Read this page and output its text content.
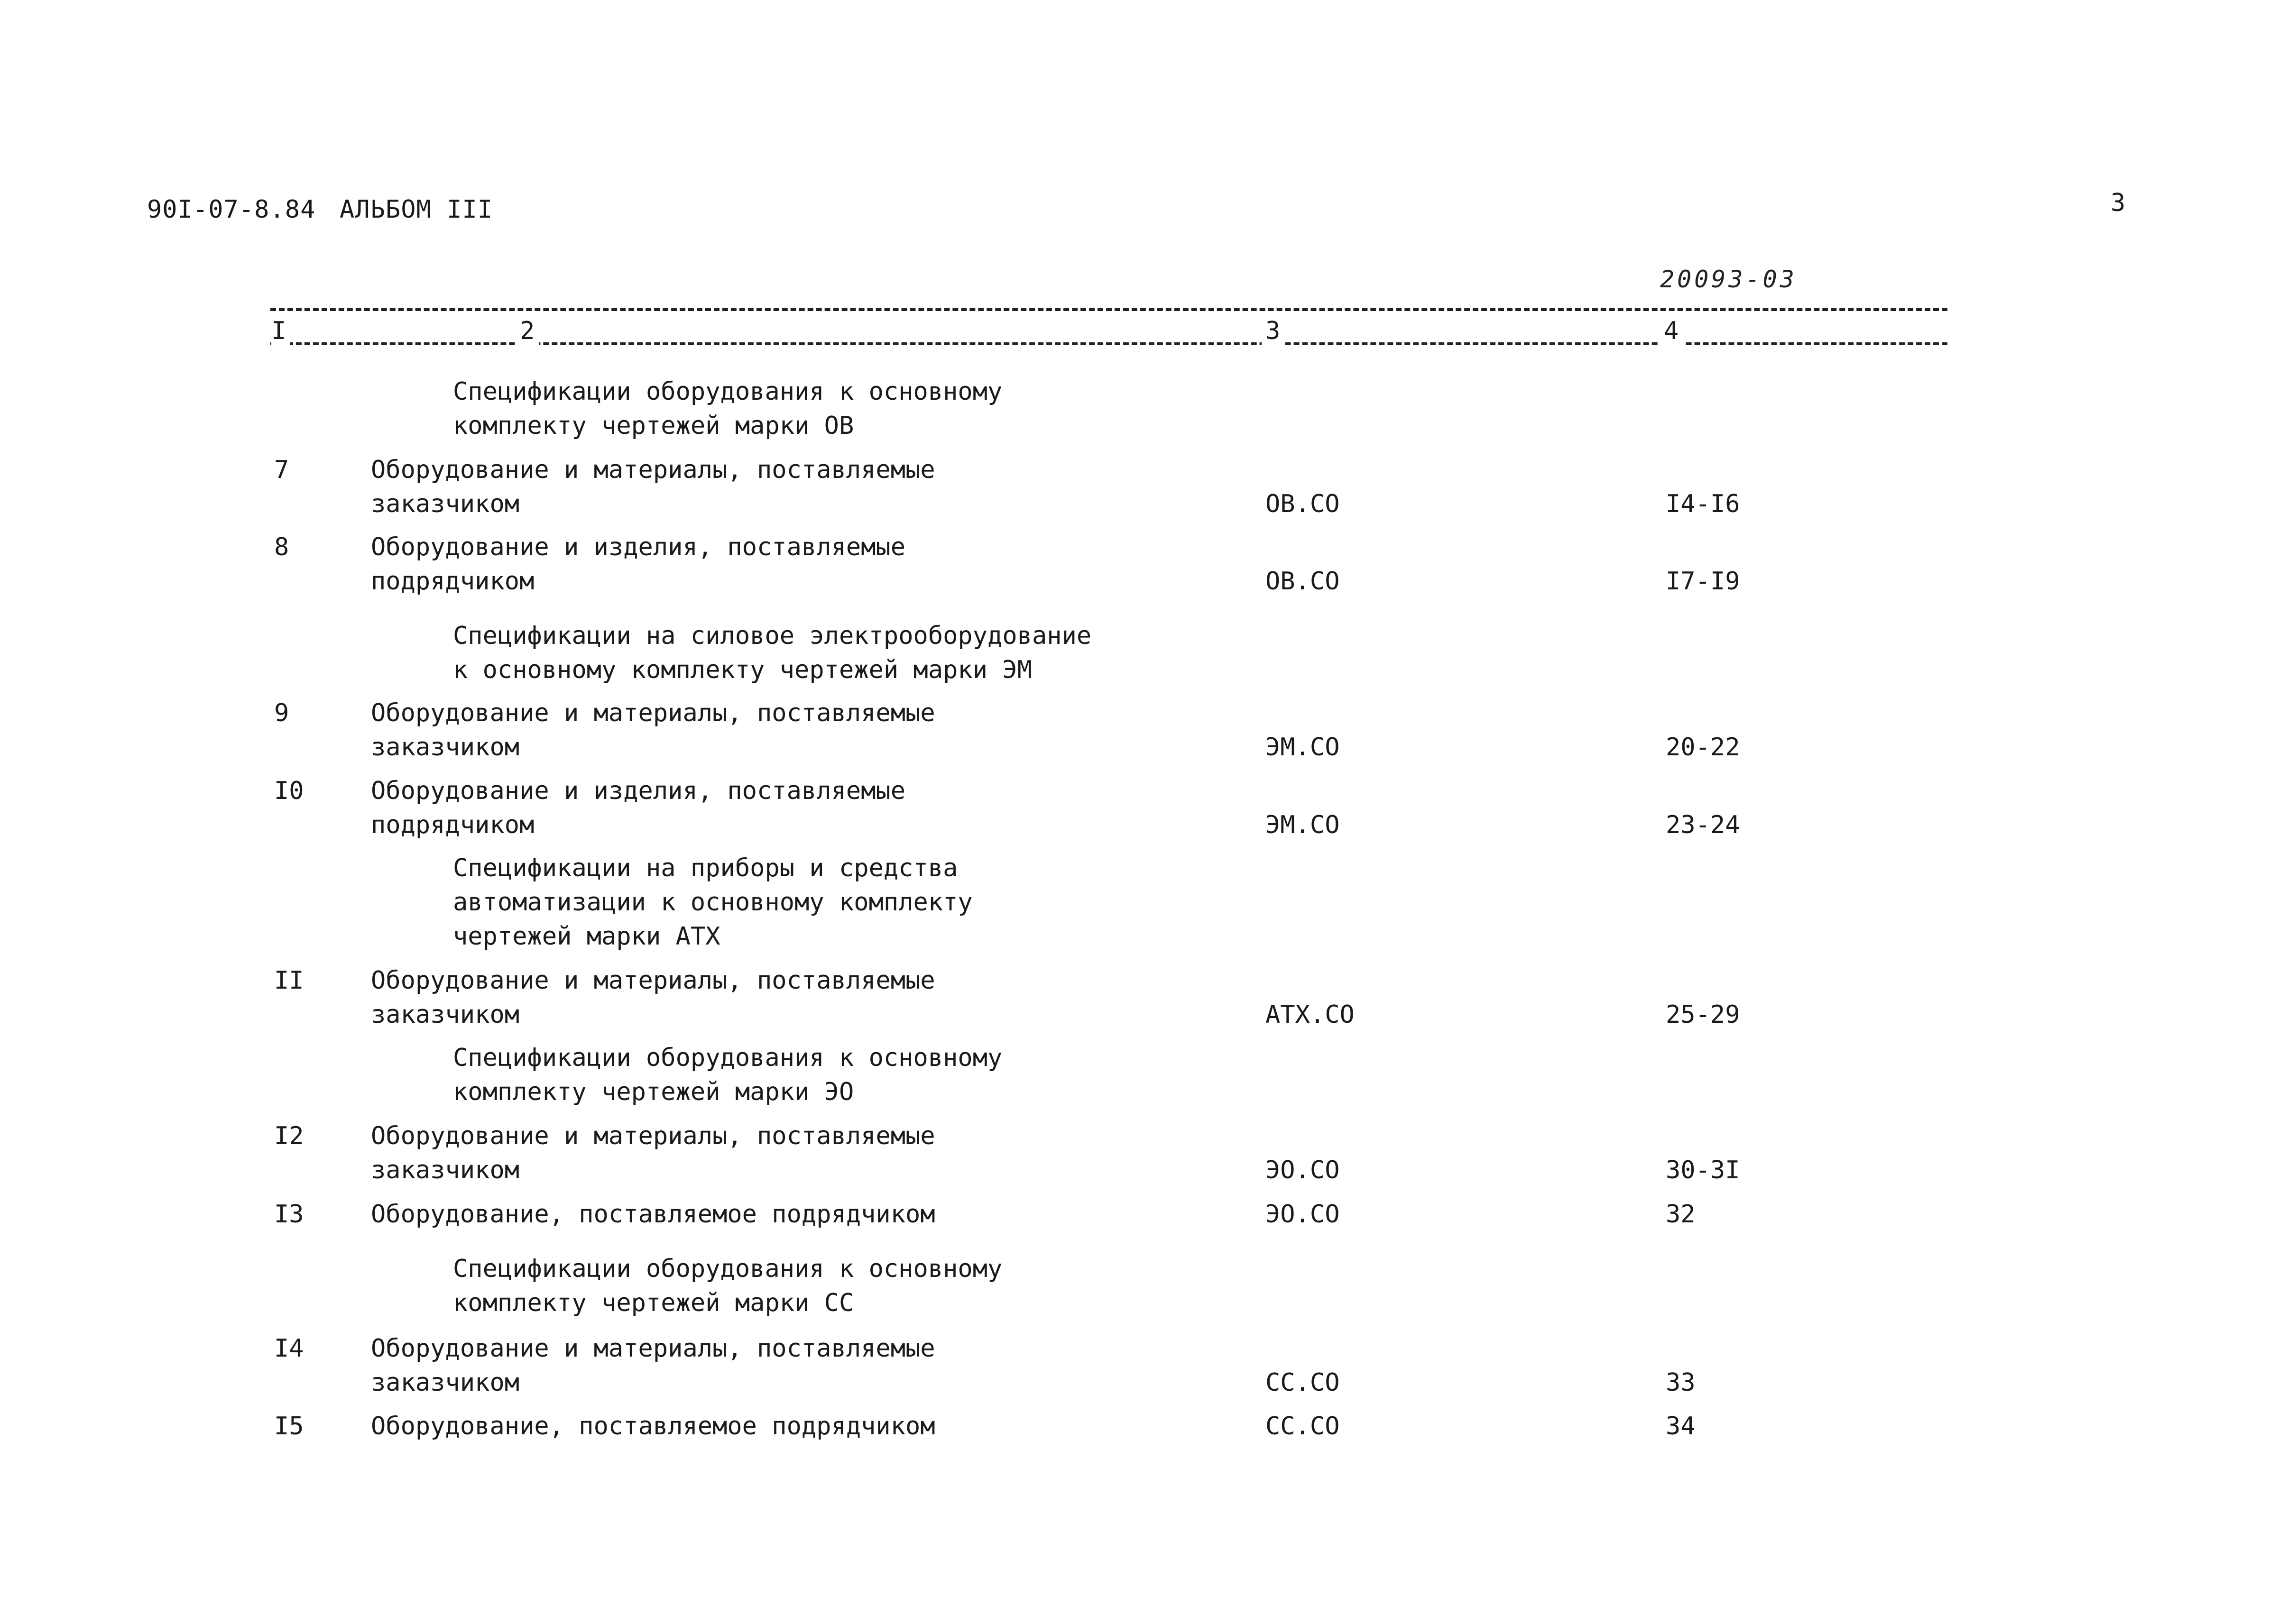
90I-07-8.84 АЛЬБОМ III	3
20093-03
I	2	3	4
Спецификации оборудования к основному
комплекту чертежей марки ОВ
7	Оборудование и материалы, поставляемые
заказчиком	ОВ.СО	I4-I6
8	Оборудование и изделия, поставляемые
подрядчиком	ОВ.СО	I7-I9
Спецификации на силовое электрооборудование
к основному комплекту чертежей марки ЭМ
9	Оборудование и материалы, поставляемые
заказчиком	ЭМ.СО	20-22
I0	Оборудование и изделия, поставляемые
подрядчиком	ЭМ.СО	23-24
Спецификации на приборы и средства
автоматизации к основному комплекту
чертежей марки АТХ
II	Оборудование и материалы, поставляемые
заказчиком	АТХ.СО	25-29
Спецификации оборудования к основному
комплекту чертежей марки ЭО
I2	Оборудование и материалы, поставляемые
заказчиком	ЭО.СО	30-3I
I3	Оборудование, поставляемое подрядчиком	ЭО.СО	32
Спецификации оборудования к основному
комплекту чертежей марки СС
I4	Оборудование и материалы, поставляемые
заказчиком	СС.СО	33
I5	Оборудование, поставляемое подрядчиком	СС.СО	34
